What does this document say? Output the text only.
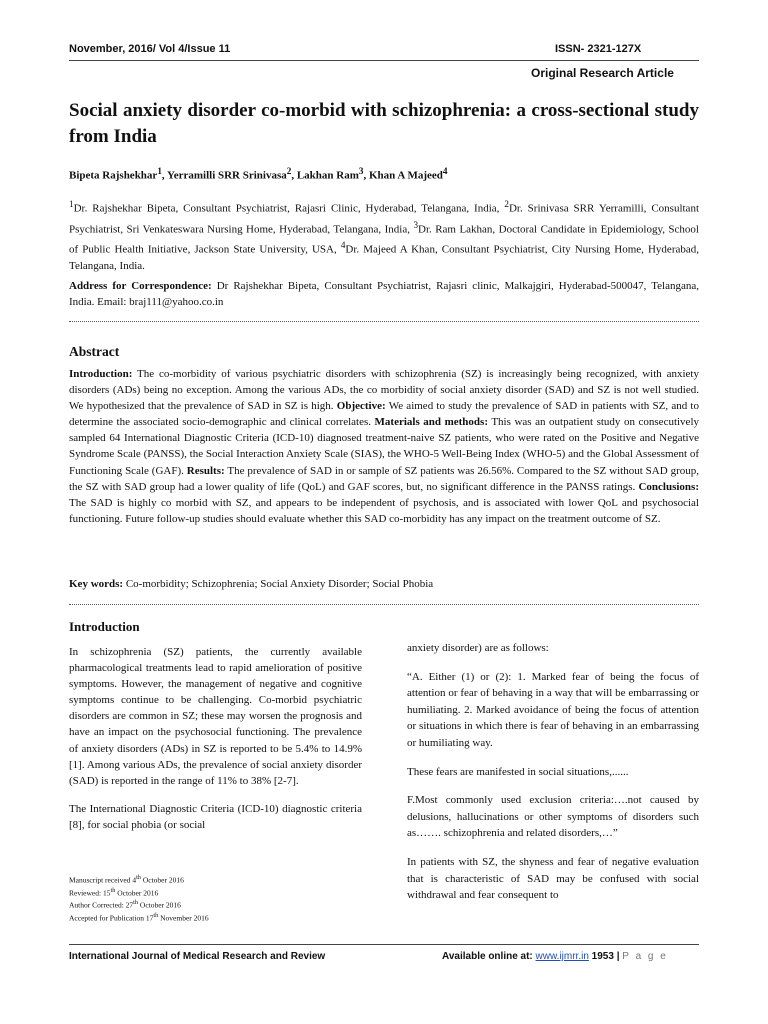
November, 2016/ Vol 4/Issue 11	ISSN- 2321-127X
Original Research Article
Social anxiety disorder co-morbid with schizophrenia: a cross-sectional study from India
Bipeta Rajshekhar$^1$, Yerramilli SRR Srinivasa$^2$, Lakhan Ram$^3$, Khan A Majeed$^4$
$^1$Dr. Rajshekhar Bipeta, Consultant Psychiatrist, Rajasri Clinic, Hyderabad, Telangana, India, $^2$Dr. Srinivasa SRR Yerramilli, Consultant Psychiatrist, Sri Venkateswara Nursing Home, Hyderabad, Telangana, India, $^3$Dr. Ram Lakhan, Doctoral Candidate in Epidemiology, School of Public Health Initiative, Jackson State University, USA, $^4$Dr. Majeed A Khan, Consultant Psychiatrist, City Nursing Home, Hyderabad, Telangana, India.
Address for Correspondence: Dr Rajshekhar Bipeta, Consultant Psychiatrist, Rajasri clinic, Malkajgiri, Hyderabad-500047, Telangana, India. Email: braj111@yahoo.co.in
Abstract
Introduction: The co-morbidity of various psychiatric disorders with schizophrenia (SZ) is increasingly being recognized, with anxiety disorders (ADs) being no exception. Among the various ADs, the co morbidity of social anxiety disorder (SAD) and SZ is not well studied. We hypothesized that the prevalence of SAD in SZ is high. Objective: We aimed to study the prevalence of SAD in patients with SZ, and to determine the associated socio-demographic and clinical correlates. Materials and methods: This was an outpatient study on consecutively sampled 64 International Diagnostic Criteria (ICD-10) diagnosed treatment-naive SZ patients, who were rated on the Positive and Negative Syndrome Scale (PANSS), the Social Interaction Anxiety Scale (SIAS), the WHO-5 Well-Being Index (WHO-5) and the Global Assessment of Functioning Scale (GAF). Results: The prevalence of SAD in or sample of SZ patients was 26.56%. Compared to the SZ without SAD group, the SZ with SAD group had a lower quality of life (QoL) and GAF scores, but, no significant difference in the PANSS ratings. Conclusions: The SAD is highly co morbid with SZ, and appears to be independent of psychosis, and is associated with lower QoL and psychosocial functioning. Future follow-up studies should evaluate whether this SAD co-morbidity has any impact on the treatment outcome of SZ.
Key words: Co-morbidity; Schizophrenia; Social Anxiety Disorder; Social Phobia
Introduction

In schizophrenia (SZ) patients, the currently available pharmacological treatments lead to rapid amelioration of positive symptoms. However, the management of negative and cognitive symptoms continue to be challenging. Co-morbid psychiatric disorders are common in SZ; these may worsen the prognosis and have an impact on the psychosocial functioning. The prevalence of anxiety disorders (ADs) in SZ is reported to be 5.4% to 14.9% [1]. Among various ADs, the prevalence of social anxiety disorder (SAD) is reported in the range of 11% to 38% [2-7].

The International Diagnostic Criteria (ICD-10) diagnostic criteria [8], for social phobia (or social

anxiety disorder) are as follows:

“A. Either (1) or (2): 1. Marked fear of being the focus of attention or fear of behaving in a way that will be embarrassing or humiliating. 2. Marked avoidance of being the focus of attention or situations in which there is fear of behaving in an embarrassing or humiliating way.

These fears are manifested in social situations,......

F.Most commonly used exclusion criteria:….not caused by delusions, hallucinations or other symptoms of disorders such as……. schizophrenia and related disorders,…”

In patients with SZ, the shyness and fear of negative evaluation that is characteristic of SAD may be confused with social withdrawal and fear consequent to

Manuscript received 4th October 2016
Reviewed: 15th October 2016
Author Corrected: 27th October 2016
Accepted for Publication 17th November 2016
International Journal of Medical Research and Review	Available online at: www.ijmrr.in 1953 | P a g e
